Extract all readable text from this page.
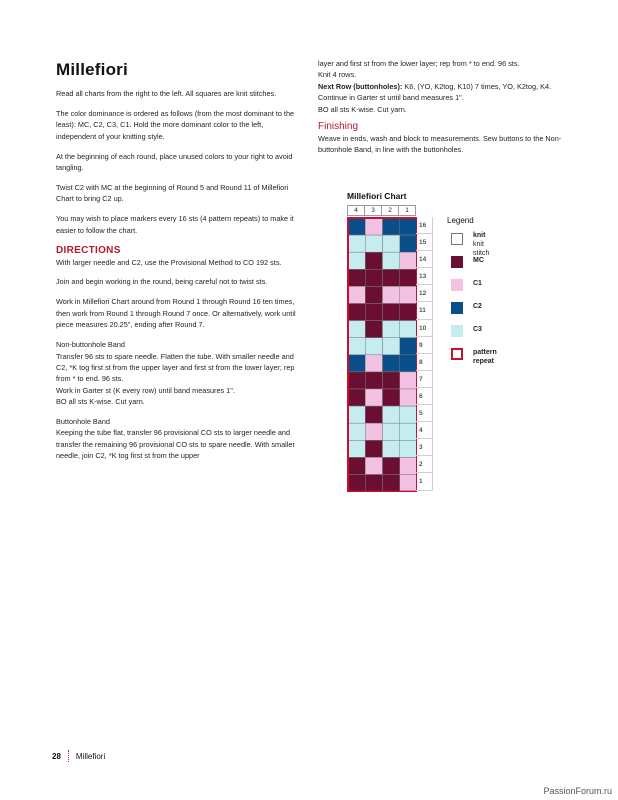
Millefiori

Read all charts from the right to the left. All squares are knit stitches.

The color dominance is ordered as follows (from the most dominant to the least): MC, C2, C3, C1. Hold the more dominant color to the left, independent of your knitting style.

At the beginning of each round, place unused colors to your right to avoid tangling.

Twist C2 with MC at the beginning of Round 5 and Round 11 of Millefiori Chart to bring C2 up.

You may wish to place markers every 16 sts (4 pattern repeats) to make it easier to follow the chart.

DIRECTIONS

With larger needle and C2, use the Provisional Method to CO 192 sts.

Join and begin working in the round, being careful not to twist sts.

Work in Millefiori Chart around from Round 1 through Round 16 ten times, then work from Round 1 through Round 7 once. Or alternatively, work until piece measures 20.25", ending after Round 7.

Non-buttonhole Band
Transfer 96 sts to spare needle. Flatten the tube. With smaller needle and C2, *K tog first st from the upper layer and first st from the lower layer; rep from * to end. 96 sts.
Work in Garter st (K every row) until band measures 1".
BO all sts K-wise. Cut yarn.
Buttonhole Band
Keeping the tube flat, transfer 96 provisional CO sts to larger needle and transfer the remaining 96 provisional CO sts to spare needle. With smaller needle, join C2, *K tog first st from the upper
layer and first st from the lower layer; rep from * to end. 96 sts.
Knit 4 rows.
Next Row (buttonholes): K6, (YO, K2tog, K10) 7 times, YO, K2tog, K4.
Continue in Garter st until band measures 1".
BO all sts K-wise. Cut yarn.
Finishing
Weave in ends, wash and block to measurements. Sew buttons to the Non-buttonhole Band, in line with the buttonholes.
Millefiori Chart
4	3	2	1
16
15
14
13
12
11
10
9
8
7
6
5
4
3
2
1
Legend
knit
knit stitch
MC
C1
C2
C3
pattern repeat
28 Millefiori
PassionForum.ru
